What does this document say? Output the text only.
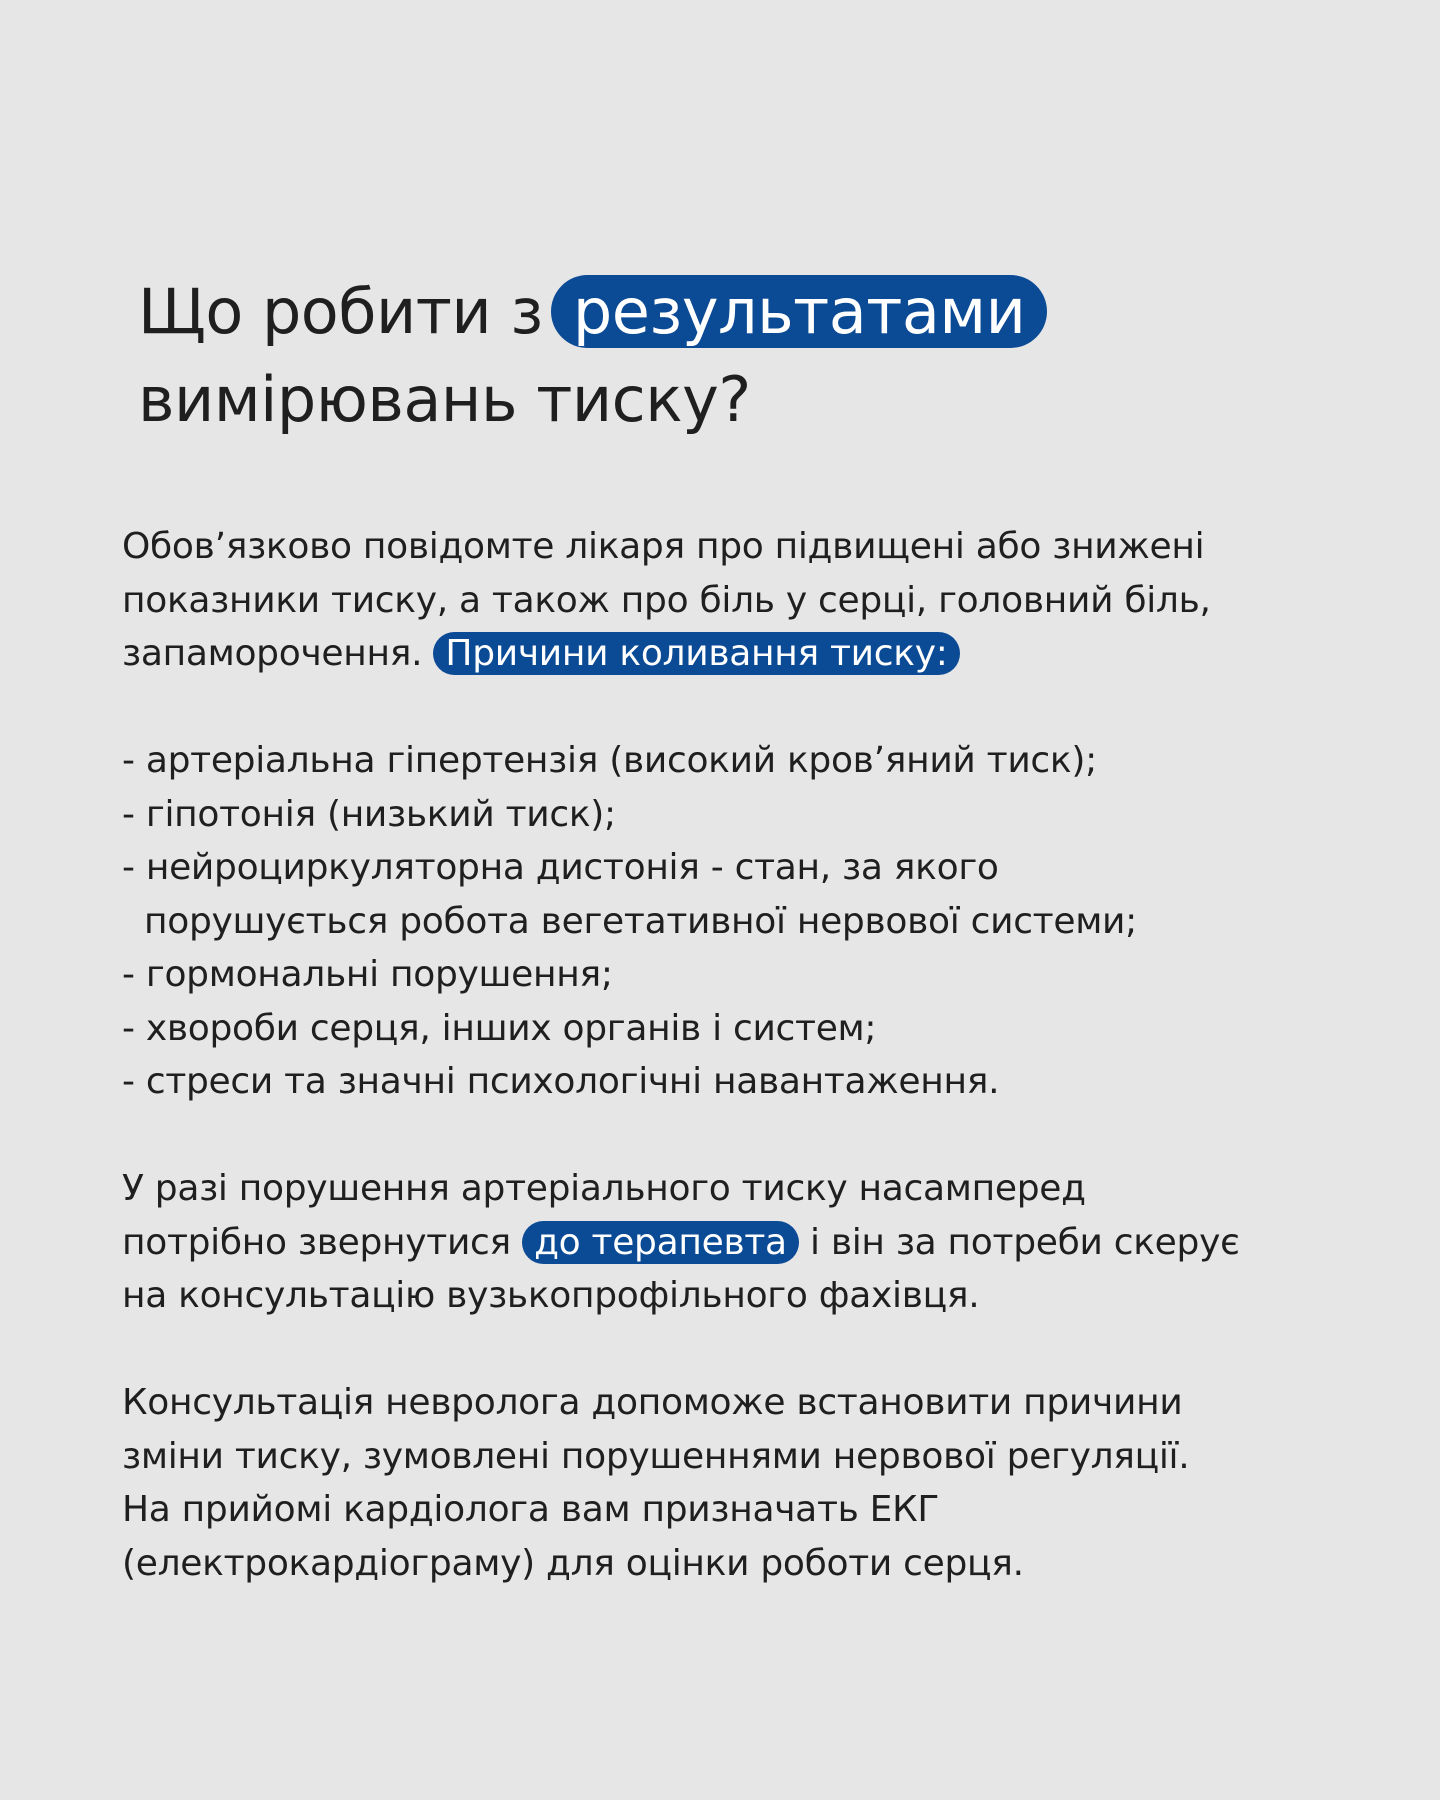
Що робити з результатами
вимірювань тиску?

Обов’язково повідомте лікаря про підвищені або знижені

показники тиску, а також про біль у серці, головний біль,

запаморочення. Причини коливання тиску:

- артеріальна гіпертензія (високий кров’яний тиск);
- гіпотонія (низький тиск);
- нейроциркуляторна дистонія - стан, за якого
порушується робота вегетативної нервової системи;
- гормональні порушення;
- хвороби серця, інших органів і систем;
- стреси та значні психологічні навантаження.

У разі порушення артеріального тиску насамперед

потрібно звернутися до терапевта і він за потреби скерує

на консультацію вузькопрофільного фахівця.

Консультація невролога допоможе встановити причини

зміни тиску, зумовлені порушеннями нервової регуляції.

На прийомі кардіолога вам призначать ЕКГ

(електрокардіограму) для оцінки роботи серця.
